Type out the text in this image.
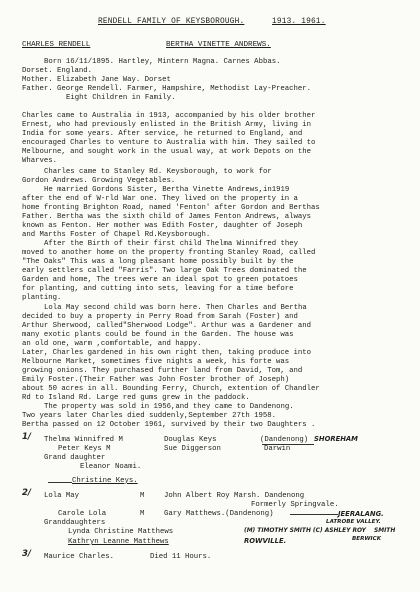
RENDELL FAMILY OF KEYSBOROUGH.	1913. 1961.
CHARLES RENDELL	BERTHA VINETTE ANDREWS.
Born 16/11/1895. Hartley, Mintern Magna. Carnes Abbas.
Dorset. England.
Mother. Elizabeth Jane Way. Dorset
Father. George Rendell. Farmer, Hampshire, Methodist Lay-Preacher.
Eight Children in Family.
Charles came to Australia in 1913, accompanied by his older brother
Ernest, who had previously enlisted in the British Army, living in
India for some years. After service, he returned to England, and
encouraged Charles to venture to Australia with him. They sailed to
Melbourne, and sought work in the usual way, at work Depots on the
Wharves.
Charles came to Stanley Rd. Keysborough, to work for
Gordon Andrews. Growing Vegetables.
He married Gordons Sister, Bertha Vinette Andrews,in1919
after the end of W-rld War one. They lived on the property in a
home fronting Brighton Road, named 'Fenton' after Gordon and Berthas
Father. Bertha was the sixth child of James Fenton Andrews, always
known as Fenton. Her mother was Edith Foster, daughter of Joseph
and Marths Foster of Chapel Rd.Keysborough.
After the Birth of their first child Thelma Winnifred they
moved to another home on the property fronting Stanley Road, called
"The Oaks" This was a long pleasant home possibly built by the
early settlers called "Farris". Two large Oak Trees dominated the
Garden and home, The trees were an ideal spot to green potatoes
for planting, and cutting into sets, leaving for a time before
planting.
Lola May second child was born here. Then Charles and Bertha
decided to buy a property in Perry Road from Sarah (Foster) and
Arthur Sherwood, called"Sherwood Lodge". Arthur was a Gardener and
many exotic plants could be found in the Garden. The house was
an old one, warm ,comfortable, and happy.
Later, Charles gardened in his own right then, taking produce into
Melbourne Market, sometimes five nights a week, his forte was
growing onions. They purchased further land from David, Tom, and
Emily Foster.(Their Father was John Foster brother of Joseph)
about 50 acres in all. Bounding Ferry, Church, extention of Chandler
Rd to Island Rd. Large red gums grew in the paddock.
The property was sold in 1956,and they came to Dandenong.
Two years later Charles died suddenly,September 27th 1958.
Bertha passed on 12 October 1961, survived by their two Daughters .
1/ Thelma Winnifred M	Douglas Keys	(Dandenong) SHOREHAM
Peter Keys M	Sue Diggerson	Darwin
Grand daughter
Eleanor Noami.
Christine Keys.
2/ Lola May	M	John Albert Roy Marsh. Dandenong
Formerly Springvale.
Carole Lola	M	Gary Matthews.(Dandenong)	JEERALANG.
LATROBE VALLEY.
Granddaughters
Lynda Christine Matthews	(M) TIMOTHY SMITH (C) ASHLEY ROY SMITH
BERWICK
Kathryn Leanne Matthews	ROWVILLE.
3/ Maurice Charles.	Died 11 Hours.
